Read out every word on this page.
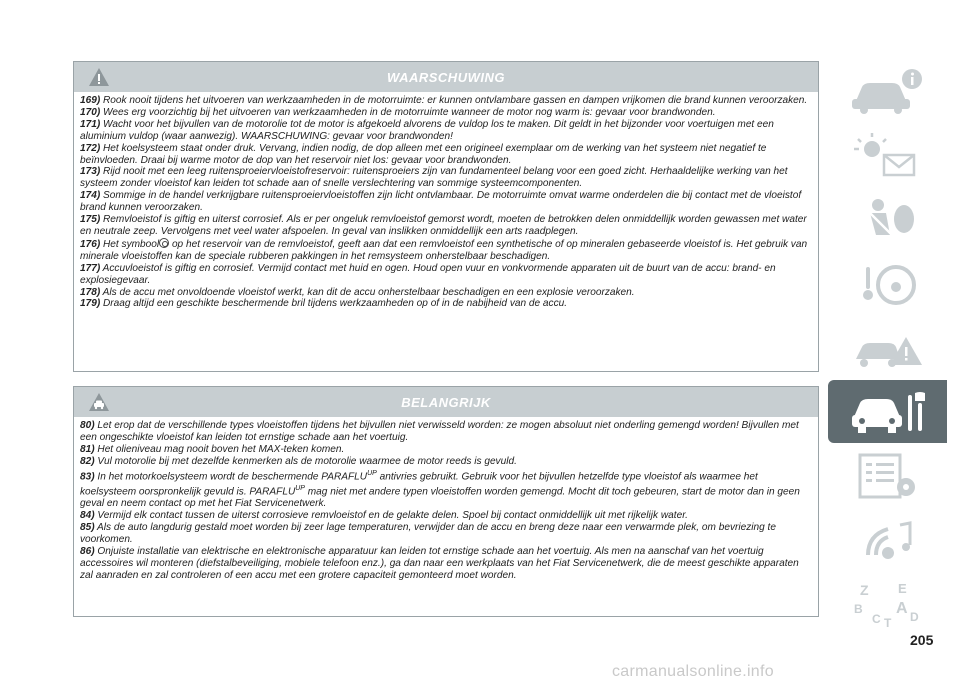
WAARSCHUWING

169) Rook nooit tijdens het uitvoeren van werkzaamheden in de motorruimte: er kunnen ontvlambare gassen en dampen vrijkomen die brand kunnen veroorzaken.

170) Wees erg voorzichtig bij het uitvoeren van werkzaamheden in de motorruimte wanneer de motor nog warm is: gevaar voor brandwonden.

171) Wacht voor het bijvullen van de motorolie tot de motor is afgekoeld alvorens de vuldop los te maken. Dit geldt in het bijzonder voor voertuigen met een aluminium vuldop (waar aanwezig). WAARSCHUWING: gevaar voor brandwonden!

172) Het koelsysteem staat onder druk. Vervang, indien nodig, de dop alleen met een origineel exemplaar om de werking van het systeem niet negatief te beïnvloeden. Draai bij warme motor de dop van het reservoir niet los: gevaar voor brandwonden.

173) Rijd nooit met een leeg ruitensproeiervloeistofreservoir: ruitensproeiers zijn van fundamenteel belang voor een goed zicht. Herhaaldelijke werking van het systeem zonder vloeistof kan leiden tot schade aan of snelle verslechtering van sommige systeemcomponenten.

174) Sommige in de handel verkrijgbare ruitensproeiervloeistoffen zijn licht ontvlambaar. De motorruimte omvat warme onderdelen die bij contact met de vloeistof brand kunnen veroorzaken.

175) Remvloeistof is giftig en uiterst corrosief. Als er per ongeluk remvloeistof gemorst wordt, moeten de betrokken delen onmiddellijk worden gewassen met water en neutrale zeep. Vervolgens met veel water afspoelen. In geval van inslikken onmiddellijk een arts raadplegen.

176) Het symbool op het reservoir van de remvloeistof, geeft aan dat een remvloeistof een synthetische of op mineralen gebaseerde vloeistof is. Het gebruik van minerale vloeistoffen kan de speciale rubberen pakkingen in het remsysteem onherstelbaar beschadigen.

177) Accuvloeistof is giftig en corrosief. Vermijd contact met huid en ogen. Houd open vuur en vonkvormende apparaten uit de buurt van de accu: brand- en explosiegevaar.

178) Als de accu met onvoldoende vloeistof werkt, kan dit de accu onherstelbaar beschadigen en een explosie veroorzaken.

179) Draag altijd een geschikte beschermende bril tijdens werkzaamheden op of in de nabijheid van de accu.

BELANGRIJK

80) Let erop dat de verschillende types vloeistoffen tijdens het bijvullen niet verwisseld worden: ze mogen absoluut niet onderling gemengd worden! Bijvullen met een ongeschikte vloeistof kan leiden tot ernstige schade aan het voertuig.

81) Het olieniveau mag nooit boven het MAX-teken komen.

82) Vul motorolie bij met dezelfde kenmerken als de motorolie waarmee de motor reeds is gevuld.

83) In het motorkoelsysteem wordt de beschermende $PARAFLU^{UP}$ antivries gebruikt. Gebruik voor het bijvullen hetzelfde type vloeistof als waarmee het koelsysteem oorspronkelijk gevuld is. $PARAFLU^{UP}$ mag niet met andere typen vloeistoffen worden gemengd. Mocht dit toch gebeuren, start de motor dan in geen geval en neem contact op met het Fiat Servicenetwerk.

84) Vermijd elk contact tussen de uiterst corrosieve remvloeistof en de gelakte delen. Spoel bij contact onmiddellijk uit met rijkelijk water.

85) Als de auto langdurig gestald moet worden bij zeer lage temperaturen, verwijder dan de accu en breng deze naar een verwarmde plek, om bevriezing te voorkomen.

86) Onjuiste installatie van elektrische en elektronische apparatuur kan leiden tot ernstige schade aan het voertuig. Als men na aanschaf van het voertuig accessoires wil monteren (diefstalbeveiliging, mobiele telefoon enz.), ga dan naar een werkplaats van het Fiat Servicenetwerk, die de meest geschikte apparaten zal aanraden en zal controleren of een accu met een grotere capaciteit gemonteerd moet worden.

Z E
B A
C T D
205
carmanualsonline.info
